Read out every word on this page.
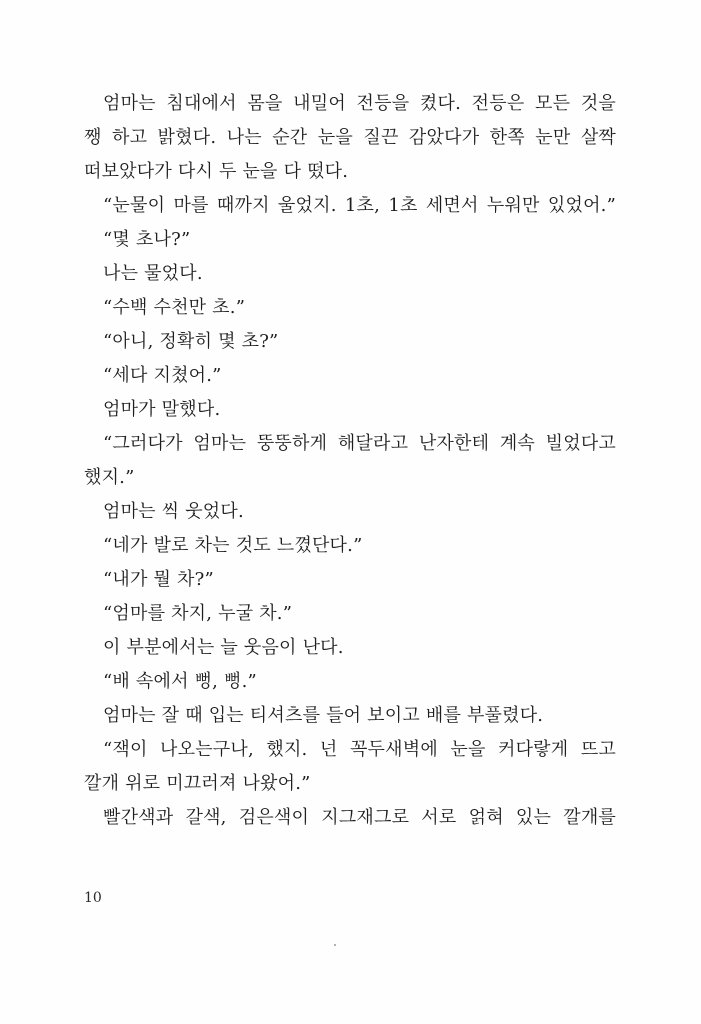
엄마는 침대에서 몸을 내밀어 전등을 켰다. 전등은 모든 것을
쨍 하고 밝혔다. 나는 순간 눈을 질끈 감았다가 한쪽 눈만 살짝
떠보았다가 다시 두 눈을 다 떴다.
“눈물이 마를 때까지 울었지. 1초, 1초 세면서 누워만 있었어.”
“몇 초나?”
나는 물었다.
“수백 수천만 초.”
“아니, 정확히 몇 초?”
“세다 지쳤어.”
엄마가 말했다.
“그러다가 엄마는 뚱뚱하게 해달라고 난자한테 계속 빌었다고
했지.”
엄마는 씩 웃었다.
“네가 발로 차는 것도 느꼈단다.”
“내가 뭘 차?”
“엄마를 차지, 누굴 차.”
이 부분에서는 늘 웃음이 난다.
“배 속에서 뻥, 뻥.”
엄마는 잘 때 입는 티셔츠를 들어 보이고 배를 부풀렸다.
“잭이 나오는구나, 했지. 넌 꼭두새벽에 눈을 커다랗게 뜨고
깔개 위로 미끄러져 나왔어.”
빨간색과 갈색, 검은색이 지그재그로 서로 얽혀 있는 깔개를
10
